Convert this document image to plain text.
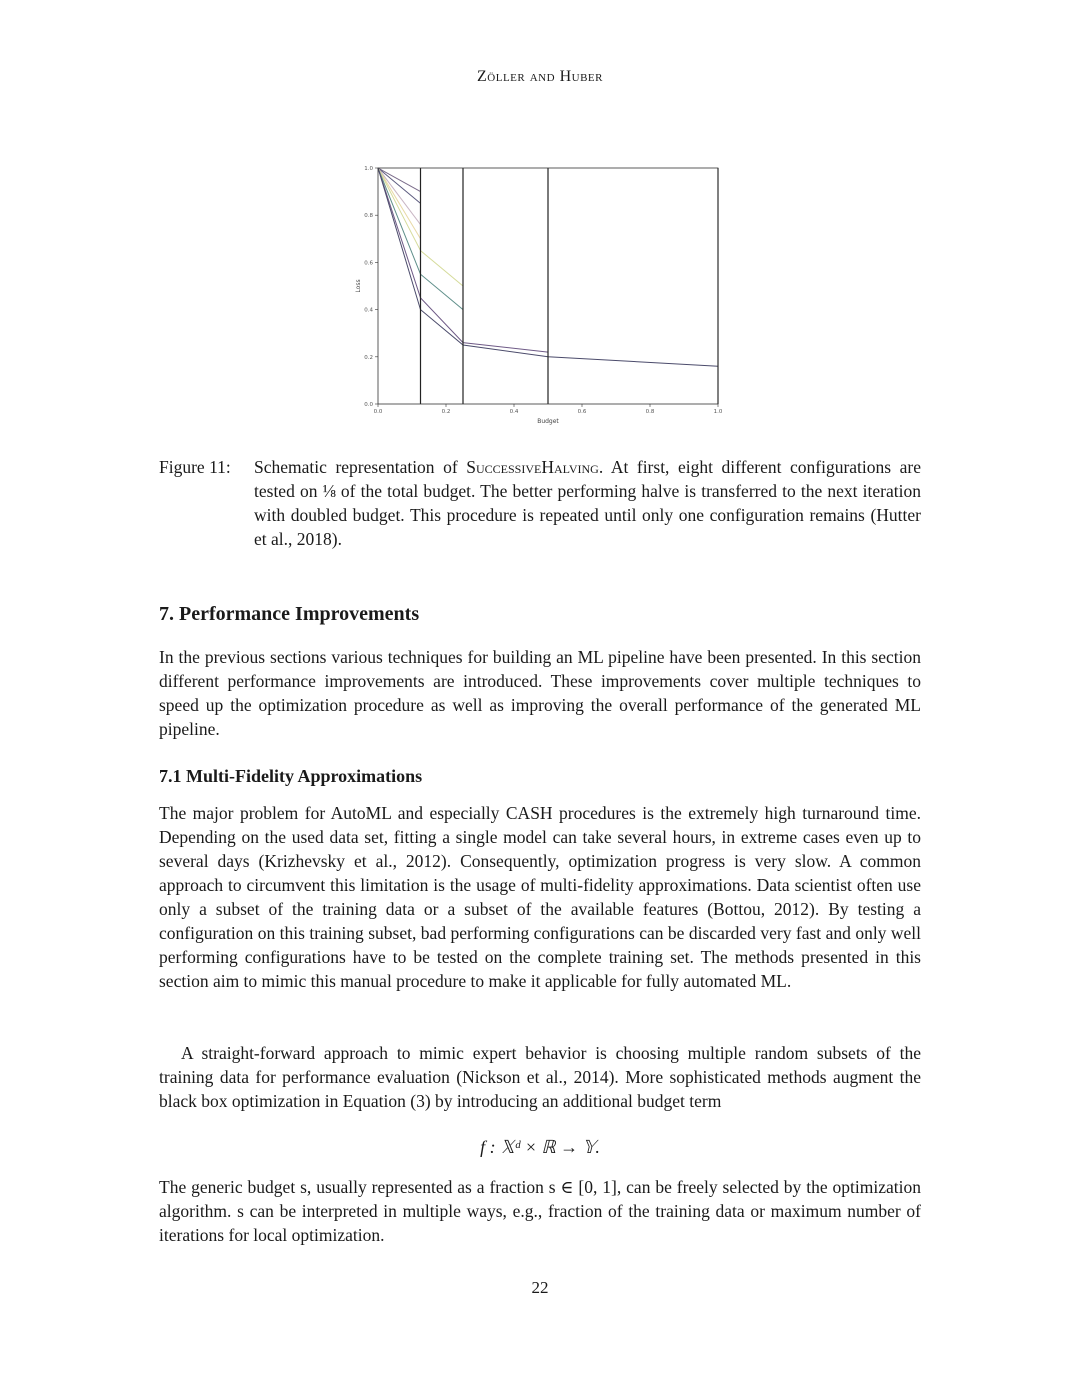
Zöller and Huber
0.0	0.2	0.4	0.6	0.8	1.0
0.0
0.2
0.4
0.6
0.8
1.0
Budget
Loss
Figure 11: Schematic representation of SuccessiveHalving. At first, eight different configurations are tested on ⅛ of the total budget. The better performing halve is transferred to the next iteration with doubled budget. This procedure is repeated until only one configuration remains (Hutter et al., 2018).
7. Performance Improvements

In the previous sections various techniques for building an ML pipeline have been presented. In this section different performance improvements are introduced. These improvements cover multiple techniques to speed up the optimization procedure as well as improving the overall performance of the generated ML pipeline.

7.1 Multi-Fidelity Approximations

The major problem for AutoML and especially CASH procedures is the extremely high turnaround time. Depending on the used data set, fitting a single model can take several hours, in extreme cases even up to several days (Krizhevsky et al., 2012). Consequently, optimization progress is very slow. A common approach to circumvent this limitation is the usage of multi-fidelity approximations. Data scientist often use only a subset of the training data or a subset of the available features (Bottou, 2012). By testing a configuration on this training subset, bad performing configurations can be discarded very fast and only well performing configurations have to be tested on the complete training set. The methods presented in this section aim to mimic this manual procedure to make it applicable for fully automated ML.

A straight-forward approach to mimic expert behavior is choosing multiple random subsets of the training data for performance evaluation (Nickson et al., 2014). More sophisticated methods augment the black box optimization in Equation (3) by introducing an additional budget term

f : 𝕏ᵈ × ℝ → 𝕐.

The generic budget s, usually represented as a fraction s ∈ [0, 1], can be freely selected by the optimization algorithm. s can be interpreted in multiple ways, e.g., fraction of the training data or maximum number of iterations for local optimization.

22
